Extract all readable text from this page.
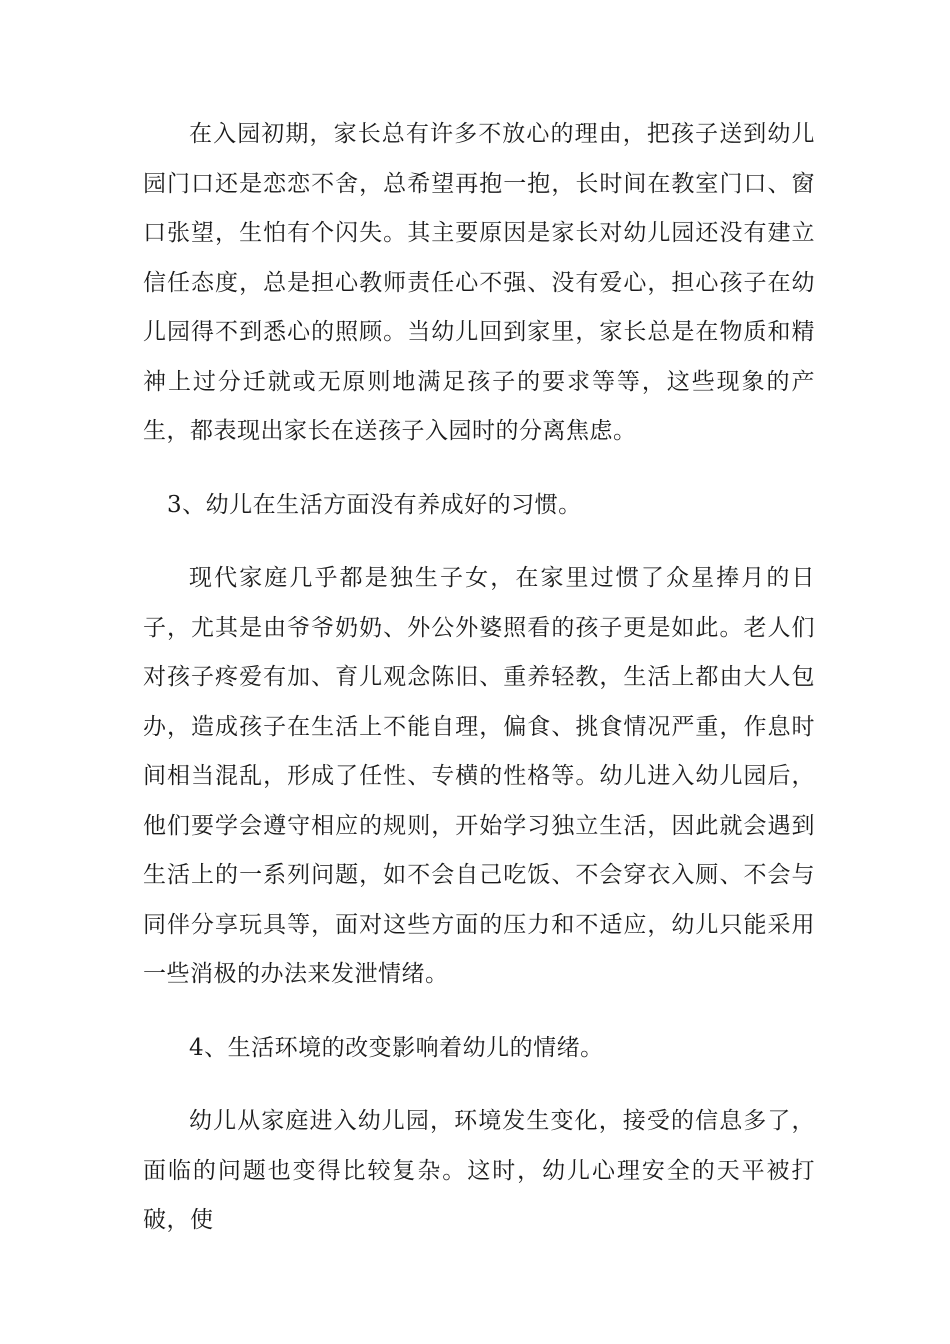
在入园初期，家长总有许多不放心的理由，把孩子送到幼儿园门口还是恋恋不舍，总希望再抱一抱，长时间在教室门口、窗口张望，生怕有个闪失。其主要原因是家长对幼儿园还没有建立信任态度，总是担心教师责任心不强、没有爱心，担心孩子在幼儿园得不到悉心的照顾。当幼儿回到家里，家长总是在物质和精神上过分迁就或无原则地满足孩子的要求等等，这些现象的产生，都表现出家长在送孩子入园时的分离焦虑。

3、幼儿在生活方面没有养成好的习惯。

现代家庭几乎都是独生子女，在家里过惯了众星捧月的日子，尤其是由爷爷奶奶、外公外婆照看的孩子更是如此。老人们对孩子疼爱有加、育儿观念陈旧、重养轻教，生活上都由大人包办，造成孩子在生活上不能自理，偏食、挑食情况严重，作息时间相当混乱，形成了任性、专横的性格等。幼儿进入幼儿园后，他们要学会遵守相应的规则，开始学习独立生活，因此就会遇到生活上的一系列问题，如不会自己吃饭、不会穿衣入厕、不会与同伴分享玩具等，面对这些方面的压力和不适应，幼儿只能采用一些消极的办法来发泄情绪。

4、生活环境的改变影响着幼儿的情绪。

幼儿从家庭进入幼儿园，环境发生变化，接受的信息多了，面临的问题也变得比较复杂。这时，幼儿心理安全的天平被打破，使
